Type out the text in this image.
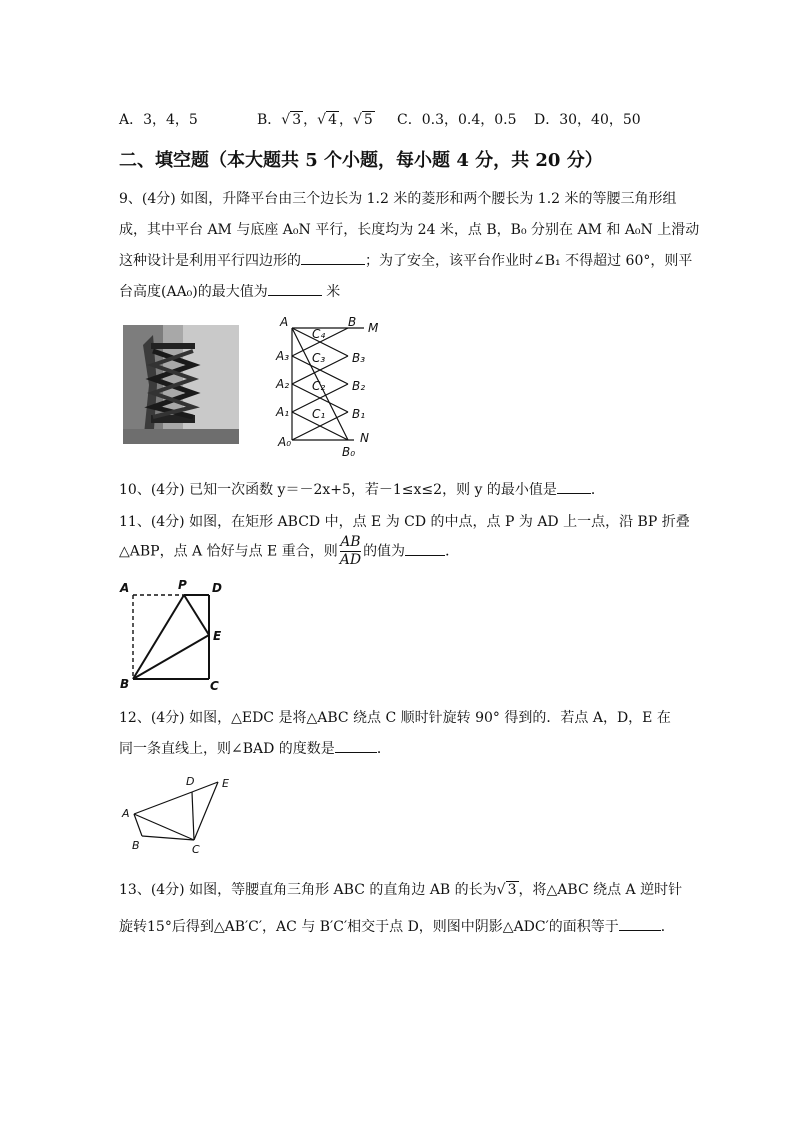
A．3，4，5	B．√ 3 ，√ 4 ，√ 5 C．0.3，0.4，0.5 D．30，40，50
二、填空题（本大题共 5 个小题，每小题 4 分，共 20 分）
9、(4分) 如图，升降平台由三个边长为 1.2 米的菱形和两个腰长为 1.2 米的等腰三角形组
成，其中平台 AM 与底座 A₀N 平行，长度均为 24 米，点 B，B₀ 分别在 AM 和 A₀N 上滑动
这种设计是利用平行四边形的	；为了安全，该平台作业时∠B₁ 不得超过 60°，则平
台高度(AA₀)的最大值为	米
A
A₃
A₂
A₁
A₀
B
B₃
B₂
B₁
B₀
M
N
C₄
C₃
C₂
C₁
10、(4分) 已知一次函数 y＝－2x+5，若－1≤x≤2，则 y 的最小值是 ．
11、(4分) 如图，在矩形 ABCD 中，点 E 为 CD 的中点，点 P 为 AD 上一点，沿 BP 折叠
△ABP，点 A 恰好与点 E 重合，则 $\frac{AB}{AD}$ 的值为	．
A	P D
E
B	C
12、(4分) 如图，△EDC 是将△ABC 绕点 C 顺时针旋转 90° 得到的．若点 A，D，E 在
同一条直线上，则∠BAD 的度数是	．
A
B	C
D	E
13、(4分) 如图，等腰直角三角形 ABC 的直角边 AB 的长为√ 3 ，将△ABC 绕点 A 逆时针
旋转15°后得到△AB′C′，AC 与 B′C′相交于点 D，则图中阴影△ADC′的面积等于	．
